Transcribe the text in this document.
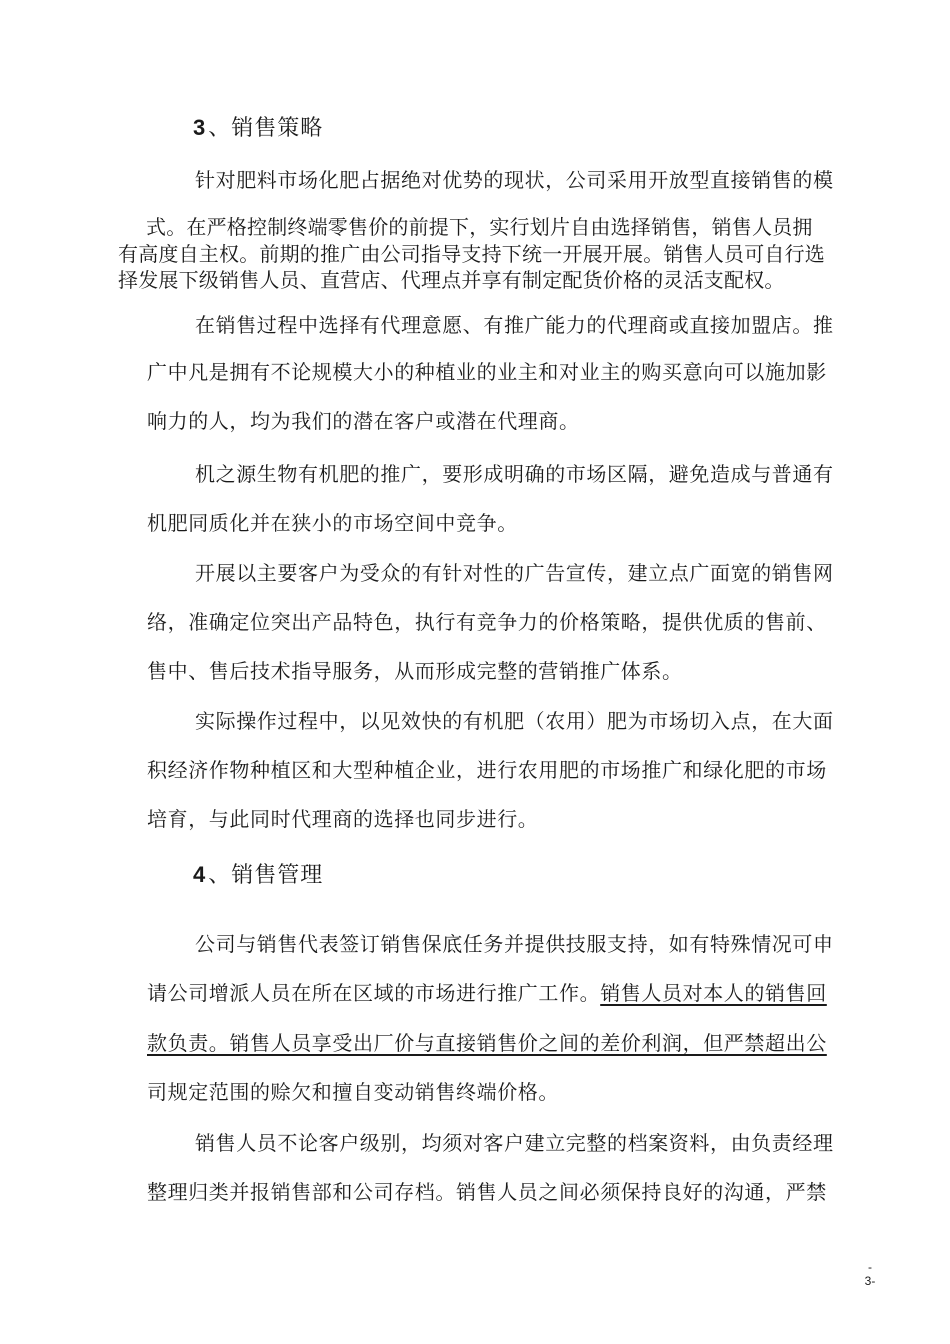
3、销售策略
针对肥料市场化肥占据绝对优势的现状，公司采用开放型直接销售的模
式。在严格控制终端零售价的前提下，实行划片自由选择销售，销售人员拥
有高度自主权。前期的推广由公司指导支持下统一开展开展。销售人员可自行选
择发展下级销售人员、直营店、代理点并享有制定配货价格的灵活支配权。
在销售过程中选择有代理意愿、有推广能力的代理商或直接加盟店。推
广中凡是拥有不论规模大小的种植业的业主和对业主的购买意向可以施加影
响力的人，均为我们的潜在客户或潜在代理商。
机之源生物有机肥的推广，要形成明确的市场区隔，避免造成与普通有
机肥同质化并在狭小的市场空间中竞争。
开展以主要客户为受众的有针对性的广告宣传，建立点广面宽的销售网
络，准确定位突出产品特色，执行有竞争力的价格策略，提供优质的售前、
售中、售后技术指导服务，从而形成完整的营销推广体系。
实际操作过程中，以见效快的有机肥（农用）肥为市场切入点，在大面
积经济作物种植区和大型种植企业，进行农用肥的市场推广和绿化肥的市场
培育，与此同时代理商的选择也同步进行。
4、销售管理
公司与销售代表签订销售保底任务并提供技服支持，如有特殊情况可申
请公司增派人员在所在区域的市场进行推广工作。销售人员对本人的销售回
款负责。销售人员享受出厂价与直接销售价之间的差价利润，但严禁超出公
司规定范围的赊欠和擅自变动销售终端价格。
销售人员不论客户级别，均须对客户建立完整的档案资料，由负责经理
整理归类并报销售部和公司存档。销售人员之间必须保持良好的沟通，严禁
-
3-
